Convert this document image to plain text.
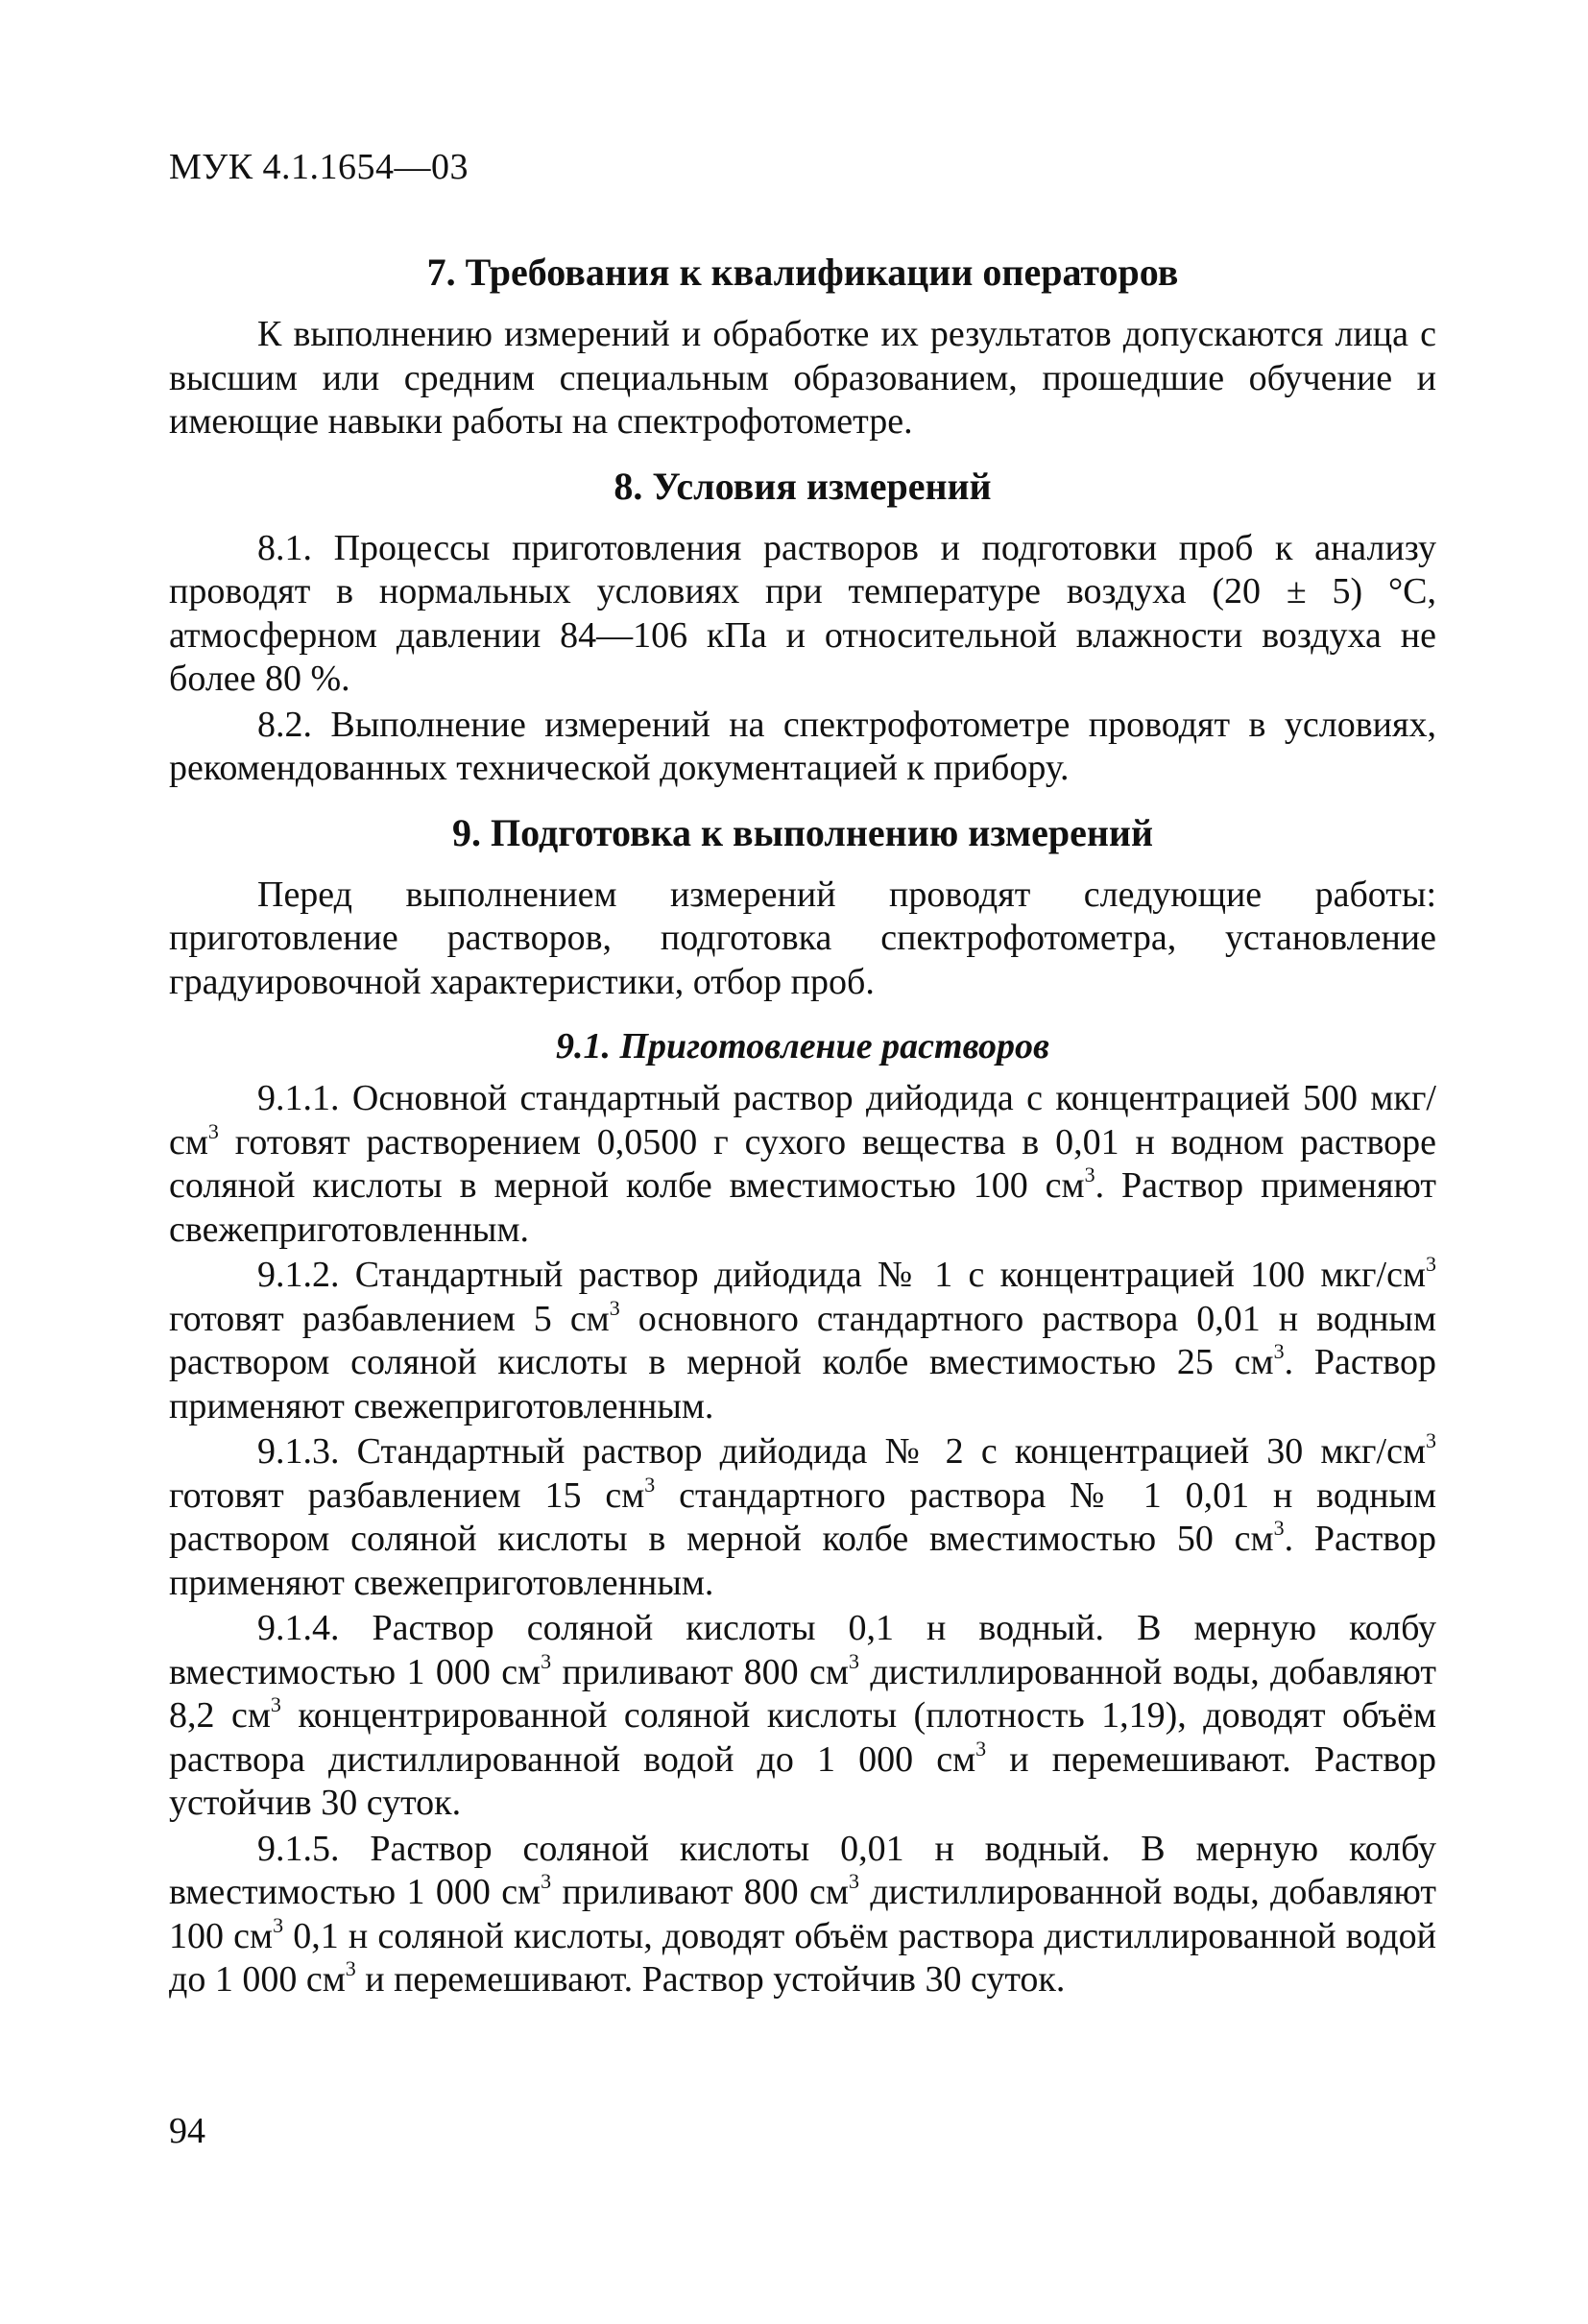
МУК 4.1.1654—03
7. Требования к квалификации операторов

К выполнению измерений и обработке их результатов допускаются лица с высшим или средним специальным образованием, прошедшие обучение и имеющие навыки работы на спектрофотометре.

8. Условия измерений

8.1. Процессы приготовления растворов и подготовки проб к анализу проводят в нормальных условиях при температуре воздуха (20 ± 5) °С, атмосферном давлении 84—106 кПа и относительной влажности воздуха не более 80 %.

8.2. Выполнение измерений на спектрофотометре проводят в условиях, рекомендованных технической документацией к прибору.

9. Подготовка к выполнению измерений

Перед выполнением измерений проводят следующие работы: приготовление растворов, подготовка спектрофотометра, установление градуировочной характеристики, отбор проб.

9.1. Приготовление растворов

9.1.1. Основной стандартный раствор дийодида с концентрацией 500 мкг/$см^3$ готовят растворением 0,0500 г сухого вещества в 0,01 н водном растворе соляной кислоты в мерной колбе вместимостью 100 $см^3$. Раствор применяют свежеприготовленным.

9.1.2. Стандартный раствор дийодида № 1 с концентрацией 100 мкг/$см^3$ готовят разбавлением 5 $см^3$ основного стандартного раствора 0,01 н водным раствором соляной кислоты в мерной колбе вместимостью 25 $см^3$. Раствор применяют свежеприготовленным.

9.1.3. Стандартный раствор дийодида № 2 с концентрацией 30 мкг/$см^3$ готовят разбавлением 15 $см^3$ стандартного раствора № 1 0,01 н водным раствором соляной кислоты в мерной колбе вместимостью 50 $см^3$. Раствор применяют свежеприготовленным.

9.1.4. Раствор соляной кислоты 0,1 н водный. В мерную колбу вместимостью 1 000 $см^3$ приливают 800 $см^3$ дистиллированной воды, добавляют 8,2 $см^3$ концентрированной соляной кислоты (плотность 1,19), доводят объём раствора дистиллированной водой до 1 000 $см^3$ и перемешивают. Раствор устойчив 30 суток.

9.1.5. Раствор соляной кислоты 0,01 н водный. В мерную колбу вместимостью 1 000 $см^3$ приливают 800 $см^3$ дистиллированной воды, добавляют 100 $см^3$ 0,1 н соляной кислоты, доводят объём раствора дистиллированной водой до 1 000 $см^3$ и перемешивают. Раствор устойчив 30 суток.

94
